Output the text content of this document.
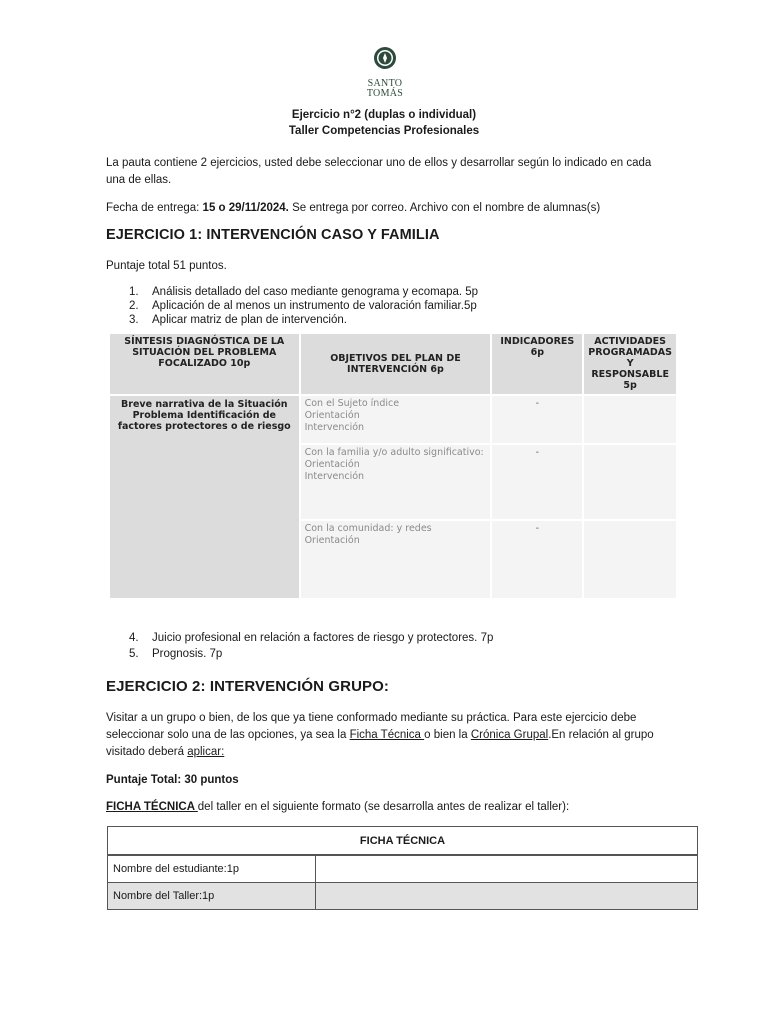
SANTO
TOMÁS
Ejercicio n°2 (duplas o individual)
Taller Competencias Profesionales

La pauta contiene 2 ejercicios, usted debe seleccionar uno de ellos y desarrollar según lo indicado en cada una de ellas.

Fecha de entrega: 15 o 29/11/2024. Se entrega por correo. Archivo con el nombre de alumnas(s)

EJERCICIO 1: INTERVENCIÓN CASO Y FAMILIA

Puntaje total 51 puntos.

1. Análisis detallado del caso mediante genograma y ecomapa. 5p
2. Aplicación de al menos un instrumento de valoración familiar.5p
3. Aplicar matriz de plan de intervención.
SÍNTESIS DIAGNÓSTICA DE LA SITUACIÓN DEL PROBLEMA FOCALIZADO 10p	OBJETIVOS DEL PLAN DE INTERVENCIÓN 6p	INDICADORES 6p	ACTIVIDADES PROGRAMADAS Y RESPONSABLE 5p
Breve narrativa de la Situación Problema Identificación de factores protectores o de riesgo	Con el Sujeto índice
Orientación
Intervención	-	

	Con la familia y/o adulto significativo:
Orientación
Intervención	-	

	Con la comunidad: y redes
Orientación	-	
4. Juicio profesional en relación a factores de riesgo y protectores. 7p
5. Prognosis. 7p
EJERCICIO 2: INTERVENCIÓN GRUPO:

Visitar a un grupo o bien, de los que ya tiene conformado mediante su práctica. Para este ejercicio debe seleccionar solo una de las opciones, ya sea la Ficha Técnica o bien la Crónica Grupal.En relación al grupo visitado deberá aplicar:

Puntaje Total: 30 puntos

FICHA TÉCNICA del taller en el siguiente formato (se desarrolla antes de realizar el taller):

FICHA TÉCNICA	
Nombre del estudiante:1p	
Nombre del Taller:1p	
